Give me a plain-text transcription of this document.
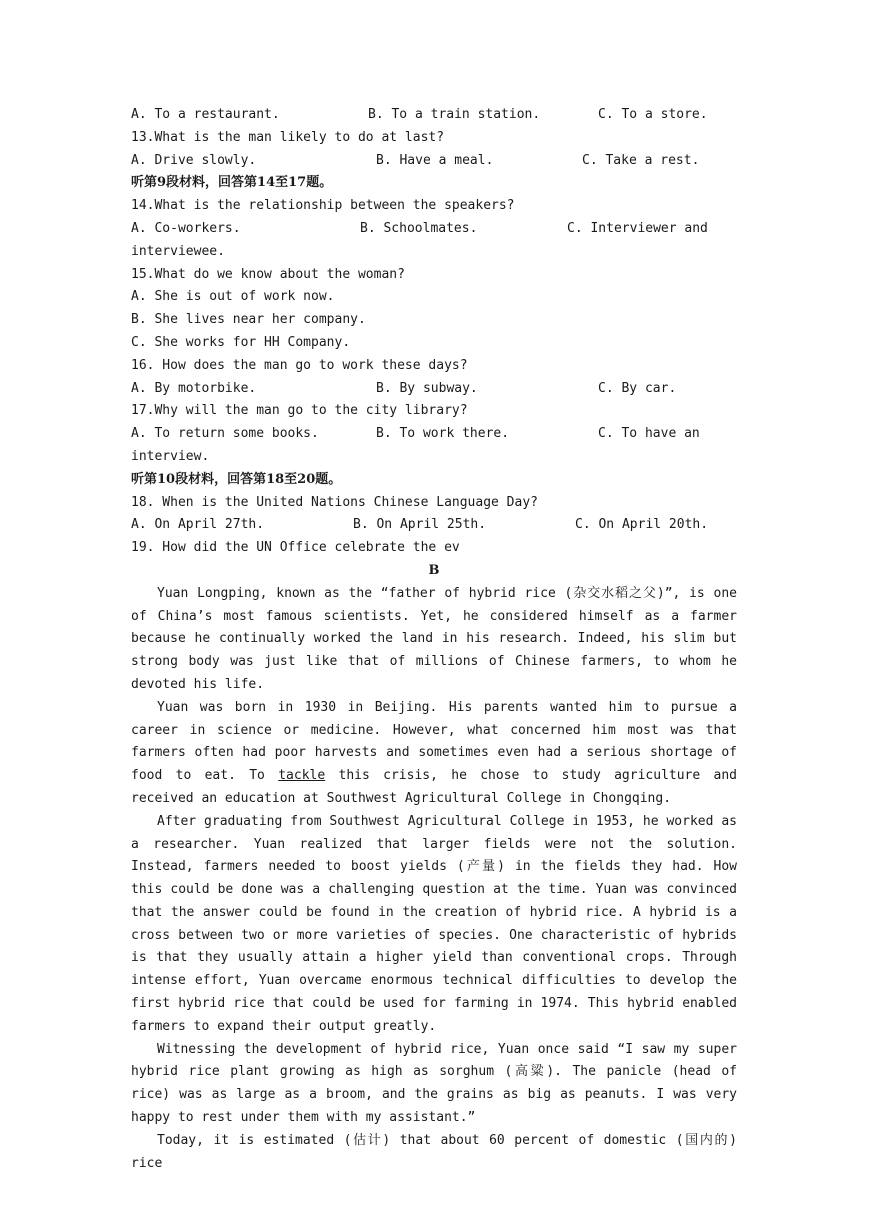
A. To a restaurant.	B. To a train station.	C. To a store.
13.What is the man likely to do at last?
A. Drive slowly.	B. Have a meal.	C. Take a rest.
听第9段材料，回答第14至17题。
14.What is the relationship between the speakers?
A. Co-workers.	B. Schoolmates.	C. Interviewer and
interviewee.
15.What do we know about the woman?
A. She is out of work now.
B. She lives near her company.
C. She works for HH Company.
16. How does the man go to work these days?
A. By motorbike.	B. By subway.	C. By car.
17.Why will the man go to the city library?
A. To return some books.	B. To work there.	C. To have an
interview.
听第10段材料，回答第18至20题。
18. When is the United Nations Chinese Language Day?
A. On April 27th.	B. On April 25th.	C. On April 20th.
19. How did the UN Office celebrate the ev
B

Yuan Longping, known as the “father of hybrid rice (杂交水稻之父)”, is one of China’s most famous scientists. Yet, he considered himself as a farmer because he continually worked the land in his research. Indeed, his slim but strong body was just like that of millions of Chinese farmers, to whom he devoted his life.

Yuan was born in 1930 in Beijing. His parents wanted him to pursue a career in science or medicine. However, what concerned him most was that farmers often had poor harvests and sometimes even had a serious shortage of food to eat. To tackle this crisis, he chose to study agriculture and received an education at Southwest Agricultural College in Chongqing.

After graduating from Southwest Agricultural College in 1953, he worked as a researcher. Yuan realized that larger fields were not the solution. Instead, farmers needed to boost yields (产量) in the fields they had. How this could be done was a challenging question at the time. Yuan was convinced that the answer could be found in the creation of hybrid rice. A hybrid is a cross between two or more varieties of species. One characteristic of hybrids is that they usually attain a higher yield than conventional crops. Through intense effort, Yuan overcame enormous technical difficulties to develop the first hybrid rice that could be used for farming in 1974. This hybrid enabled farmers to expand their output greatly.

Witnessing the development of hybrid rice, Yuan once said “I saw my super hybrid rice plant growing as high as sorghum (高粱). The panicle (head of rice) was as large as a broom, and the grains as big as peanuts. I was very happy to rest under them with my assistant.”

Today, it is estimated (估计) that about 60 percent of domestic (国内的) rice
